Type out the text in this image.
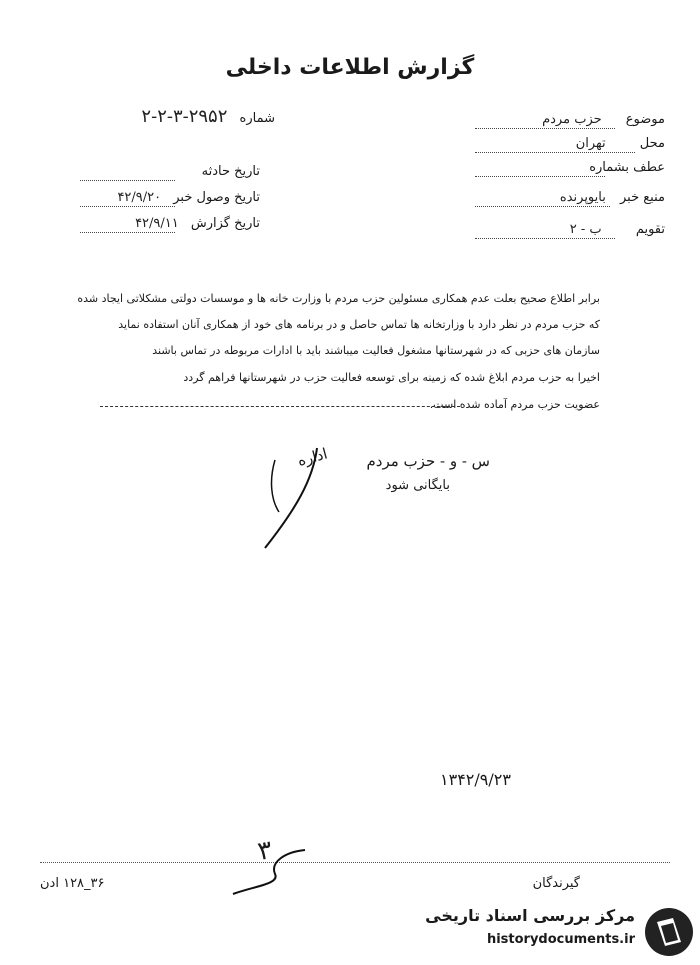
گزارش اطلاعات داخلی
موضوع حزب مردم
محل تهران
عطف بشماره
منبع خبر بایوپرنده
تقویم ب - ۲
شماره ۲۹۵۲-۳-۲-۲
تاریخ حادثه
تاریخ وصول خبر ۴۲/۹/۲۰
تاریخ گزارش ۴۲/۹/۱۱
برابر اطلاع صحیح بعلت عدم همکاری مسئولین حزب مردم با وزارت خانه ها و موسسات دولتی مشکلاتی ایجاد شده
که حزب مردم در نظر دارد با وزارتخانه ها تماس حاصل و در برنامه های خود از همکاری آنان استفاده نماید
سازمان های حزبی که در شهرستانها مشغول فعالیت میباشند باید با ادارات مربوطه در تماس باشند
اخیرا به حزب مردم ابلاغ شده که زمینه برای توسعه فعالیت حزب در شهرستانها فراهم گردد
عضویت حزب مردم آماده شده است.
س - و - حزب مردم
بایگانی شود
اداره
۱۳۴۲/۹/۲۳
۳
گیرندگان
۳۶_۱۲۸ ادن
مرکز بررسی اسناد تاریخی
historydocuments.ir
